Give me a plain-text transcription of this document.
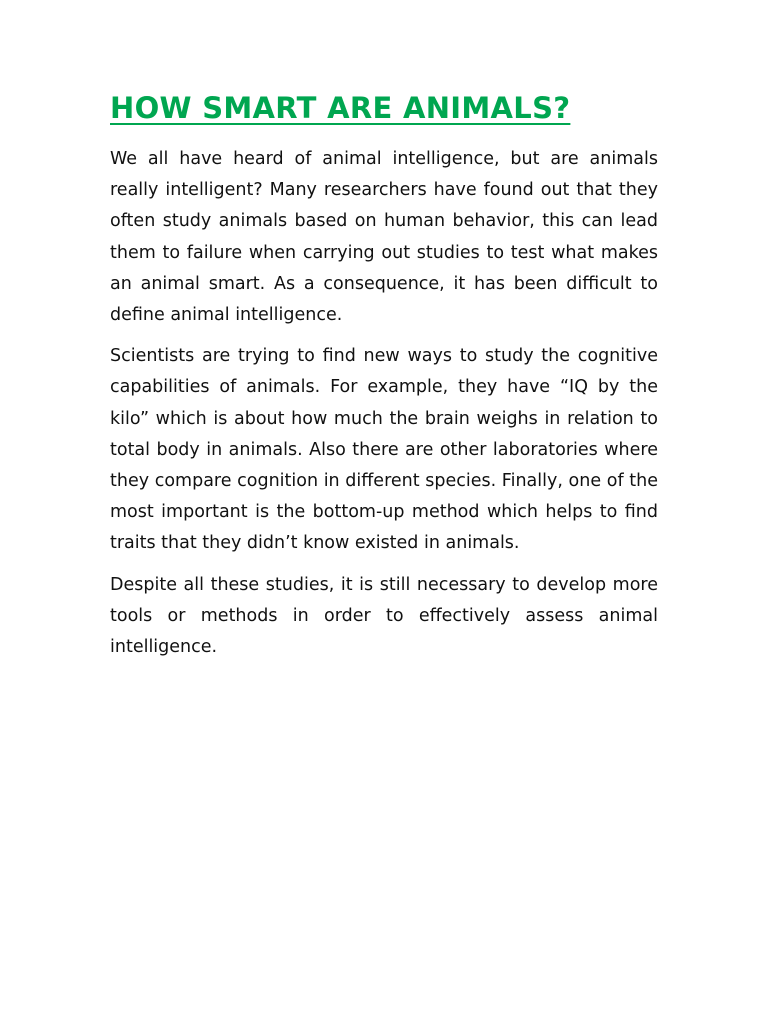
HOW SMART ARE ANIMALS?

We all have heard of animal intelligence, but are animals really intelligent? Many researchers have found out that they often study animals based on human behavior, this can lead them to failure when carrying out studies to test what makes an animal smart. As a consequence, it has been difficult to define animal intelligence.

Scientists are trying to find new ways to study the cognitive capabilities of animals. For example, they have “IQ by the kilo” which is about how much the brain weighs in relation to total body in animals. Also there are other laboratories where they compare cognition in different species. Finally, one of the most important is the bottom-up method which helps to find traits that they didn’t know existed in animals.

Despite all these studies, it is still necessary to develop more tools or methods in order to effectively assess animal intelligence.
